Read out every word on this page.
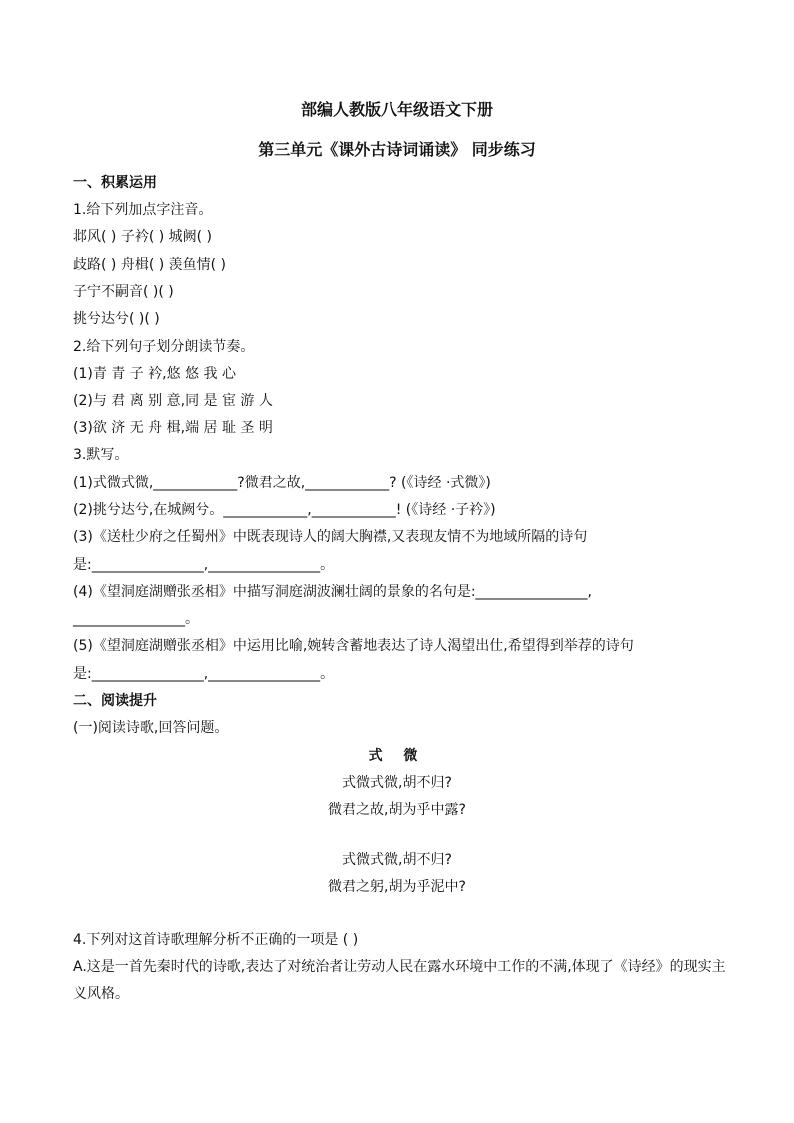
部编人教版八年级语文下册
第三单元《课外古诗词诵读》 同步练习
一、积累运用
1.给下列加点字注音。
邶风( ) 子衿( ) 城阙( )
歧路( ) 舟楫( ) 羡鱼情( )
子宁不嗣音( )( )
挑兮达兮( )( )
2.给下列句子划分朗读节奏。
(1)青 青 子 衿,悠 悠 我 心
(2)与 君 离 别 意,同 是 宦 游 人
(3)欲 济 无 舟 楫,端 居 耻 圣 明
3.默写。
(1)式微式微,____________?微君之故,____________? (《诗经 ·式微》)
(2)挑兮达兮,在城阙兮。____________,____________! (《诗经 ·子衿》)
(3)《送杜少府之任蜀州》中既表现诗人的阔大胸襟,又表现友情不为地域所隔的诗句
是:________________,________________。
(4)《望洞庭湖赠张丞相》中描写洞庭湖波澜壮阔的景象的名句是:________________,
________________。
(5)《望洞庭湖赠张丞相》中运用比喻,婉转含蓄地表达了诗人渴望出仕,希望得到举荐的诗句
是:________________,________________。
二、阅读提升
(一)阅读诗歌,回答问题。
式 微
式微式微,胡不归?
微君之故,胡为乎中露?
式微式微,胡不归?
微君之躬,胡为乎泥中?
4.下列对这首诗歌理解分析不正确的一项是 ( )
A.这是一首先秦时代的诗歌,表达了对统治者让劳动人民在露水环境中工作的不满,体现了《诗经》的现实主
义风格。
